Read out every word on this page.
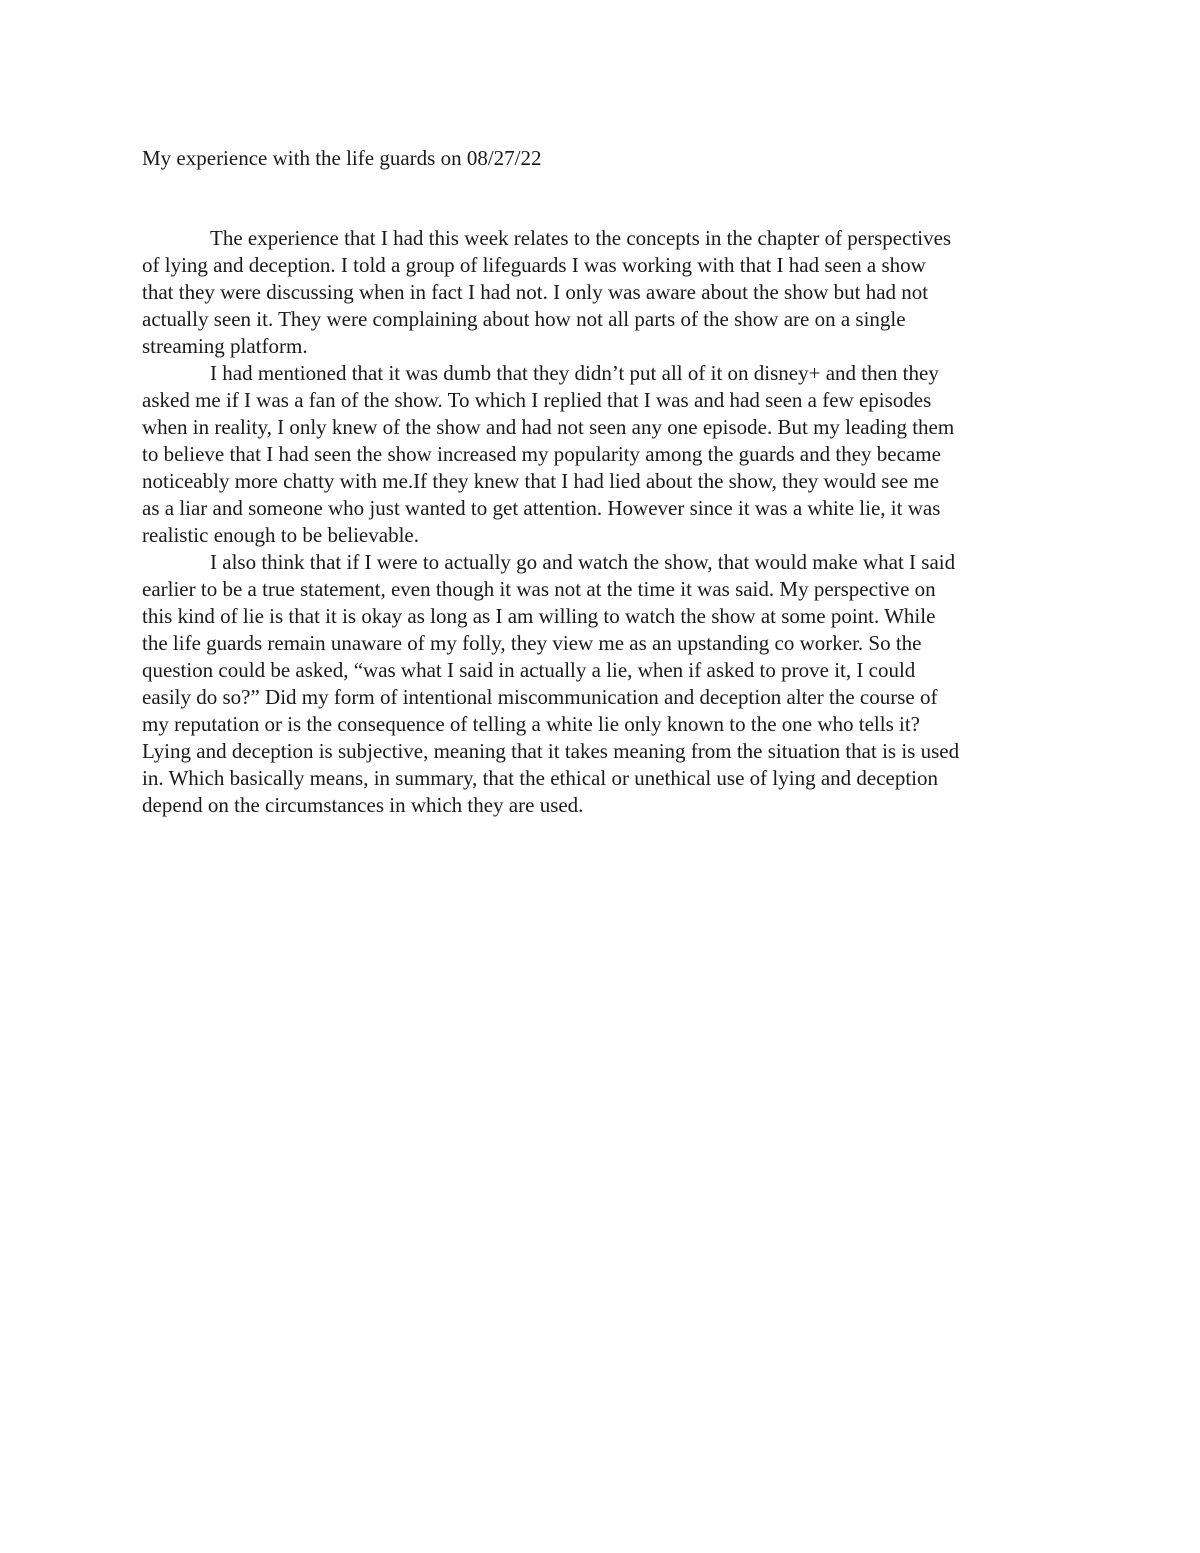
My experience with the life guards on 08/27/22

The experience that I had this week relates to the concepts in the chapter of perspectives
of lying and deception. I told a group of lifeguards I was working with that I had seen a show
that they were discussing when in fact I had not. I only was aware about the show but had not
actually seen it. They were complaining about how not all parts of the show are on a single
streaming platform.

I had mentioned that it was dumb that they didn’t put all of it on disney+ and then they
asked me if I was a fan of the show. To which I replied that I was and had seen a few episodes
when in reality, I only knew of the show and had not seen any one episode. But my leading them
to believe that I had seen the show increased my popularity among the guards and they became
noticeably more chatty with me.If they knew that I had lied about the show, they would see me
as a liar and someone who just wanted to get attention. However since it was a white lie, it was
realistic enough to be believable.

I also think that if I were to actually go and watch the show, that would make what I said
earlier to be a true statement, even though it was not at the time it was said. My perspective on
this kind of lie is that it is okay as long as I am willing to watch the show at some point. While
the life guards remain unaware of my folly, they view me as an upstanding co worker. So the
question could be asked, “was what I said in actually a lie, when if asked to prove it, I could
easily do so?” Did my form of intentional miscommunication and deception alter the course of
my reputation or is the consequence of telling a white lie only known to the one who tells it?
Lying and deception is subjective, meaning that it takes meaning from the situation that is is used
in. Which basically means, in summary, that the ethical or unethical use of lying and deception
depend on the circumstances in which they are used.
